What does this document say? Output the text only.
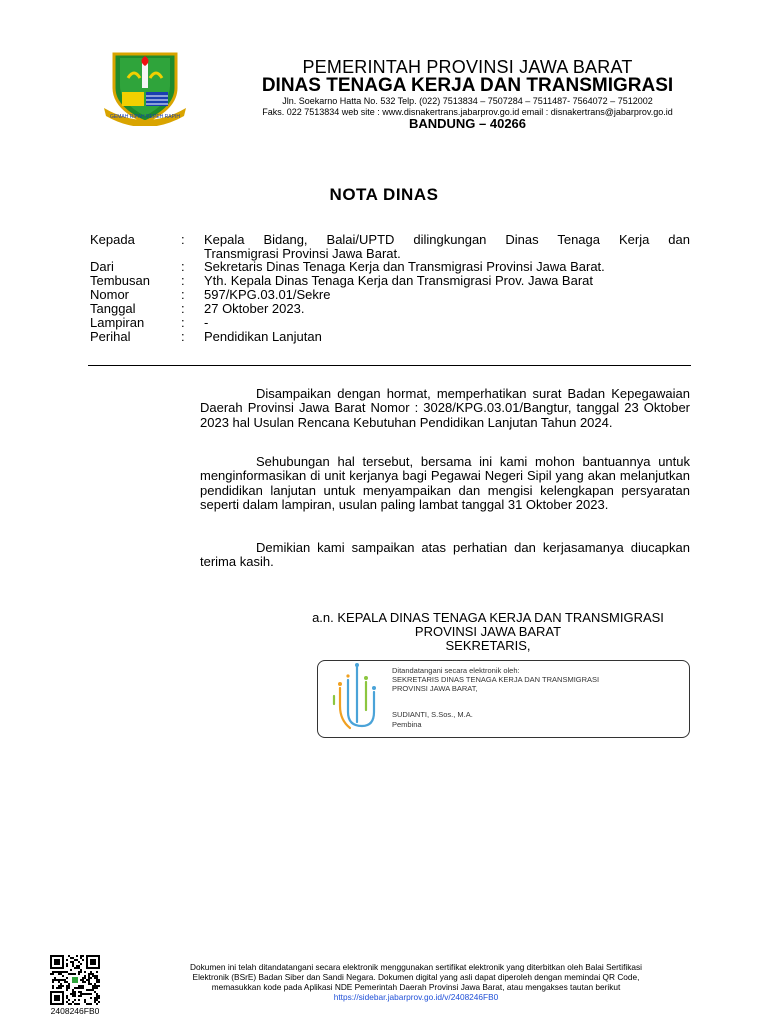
GEMAH RIPAH REPEH RAPIH
PEMERINTAH PROVINSI JAWA BARAT
DINAS TENAGA KERJA DAN TRANSMIGRASI
Jln. Soekarno Hatta No. 532 Telp. (022) 7513834 – 7507284 – 7511487- 7564072 – 7512002
Faks. 022 7513834 web site : www.disnakertrans.jabarprov.go.id email : disnakertrans@jabarprov.go.id
BANDUNG – 40266
NOTA DINAS
Kepada	: Kepala Bidang, Balai/UPTD dilingkungan Dinas Tenaga Kerja dan
Transmigrasi Provinsi Jawa Barat.
Dari	: Sekretaris Dinas Tenaga Kerja dan Transmigrasi Provinsi Jawa Barat.
Tembusan : Yth. Kepala Dinas Tenaga Kerja dan Transmigrasi Prov. Jawa Barat
Nomor	: 597/KPG.03.01/Sekre
Tanggal	: 27 Oktober 2023.
Lampiran	: -
Perihal	: Pendidikan Lanjutan
Disampaikan dengan hormat, memperhatikan surat Badan Kepegawaian Daerah Provinsi Jawa Barat Nomor : 3028/KPG.03.01/Bangtur, tanggal 23 Oktober 2023 hal Usulan Rencana Kebutuhan Pendidikan Lanjutan Tahun 2024.
Sehubungan hal tersebut, bersama ini kami mohon bantuannya untuk menginformasikan di unit kerjanya bagi Pegawai Negeri Sipil yang akan melanjutkan pendidikan lanjutan untuk menyampaikan dan mengisi kelengkapan persyaratan seperti dalam lampiran, usulan paling lambat tanggal 31 Oktober 2023.
Demikian kami sampaikan atas perhatian dan kerjasamanya diucapkan terima kasih.
a.n. KEPALA DINAS TENAGA KERJA DAN TRANSMIGRASI
PROVINSI JAWA BARAT
SEKRETARIS,
Ditandatangani secara elektronik oleh:
SEKRETARIS DINAS TENAGA KERJA DAN TRANSMIGRASI
PROVINSI JAWA BARAT,
SUDIANTI, S.Sos., M.A.
Pembina
2408246FB0
Dokumen ini telah ditandatangani secara elektronik menggunakan sertifikat elektronik yang diterbitkan oleh Balai Sertifikasi
Elektronik (BSrE) Badan Siber dan Sandi Negara. Dokumen digital yang asli dapat diperoleh dengan memindai QR Code,
memasukkan kode pada Aplikasi NDE Pemerintah Daerah Provinsi Jawa Barat, atau mengakses tautan berikut
https://sidebar.jabarprov.go.id/v/2408246FB0
